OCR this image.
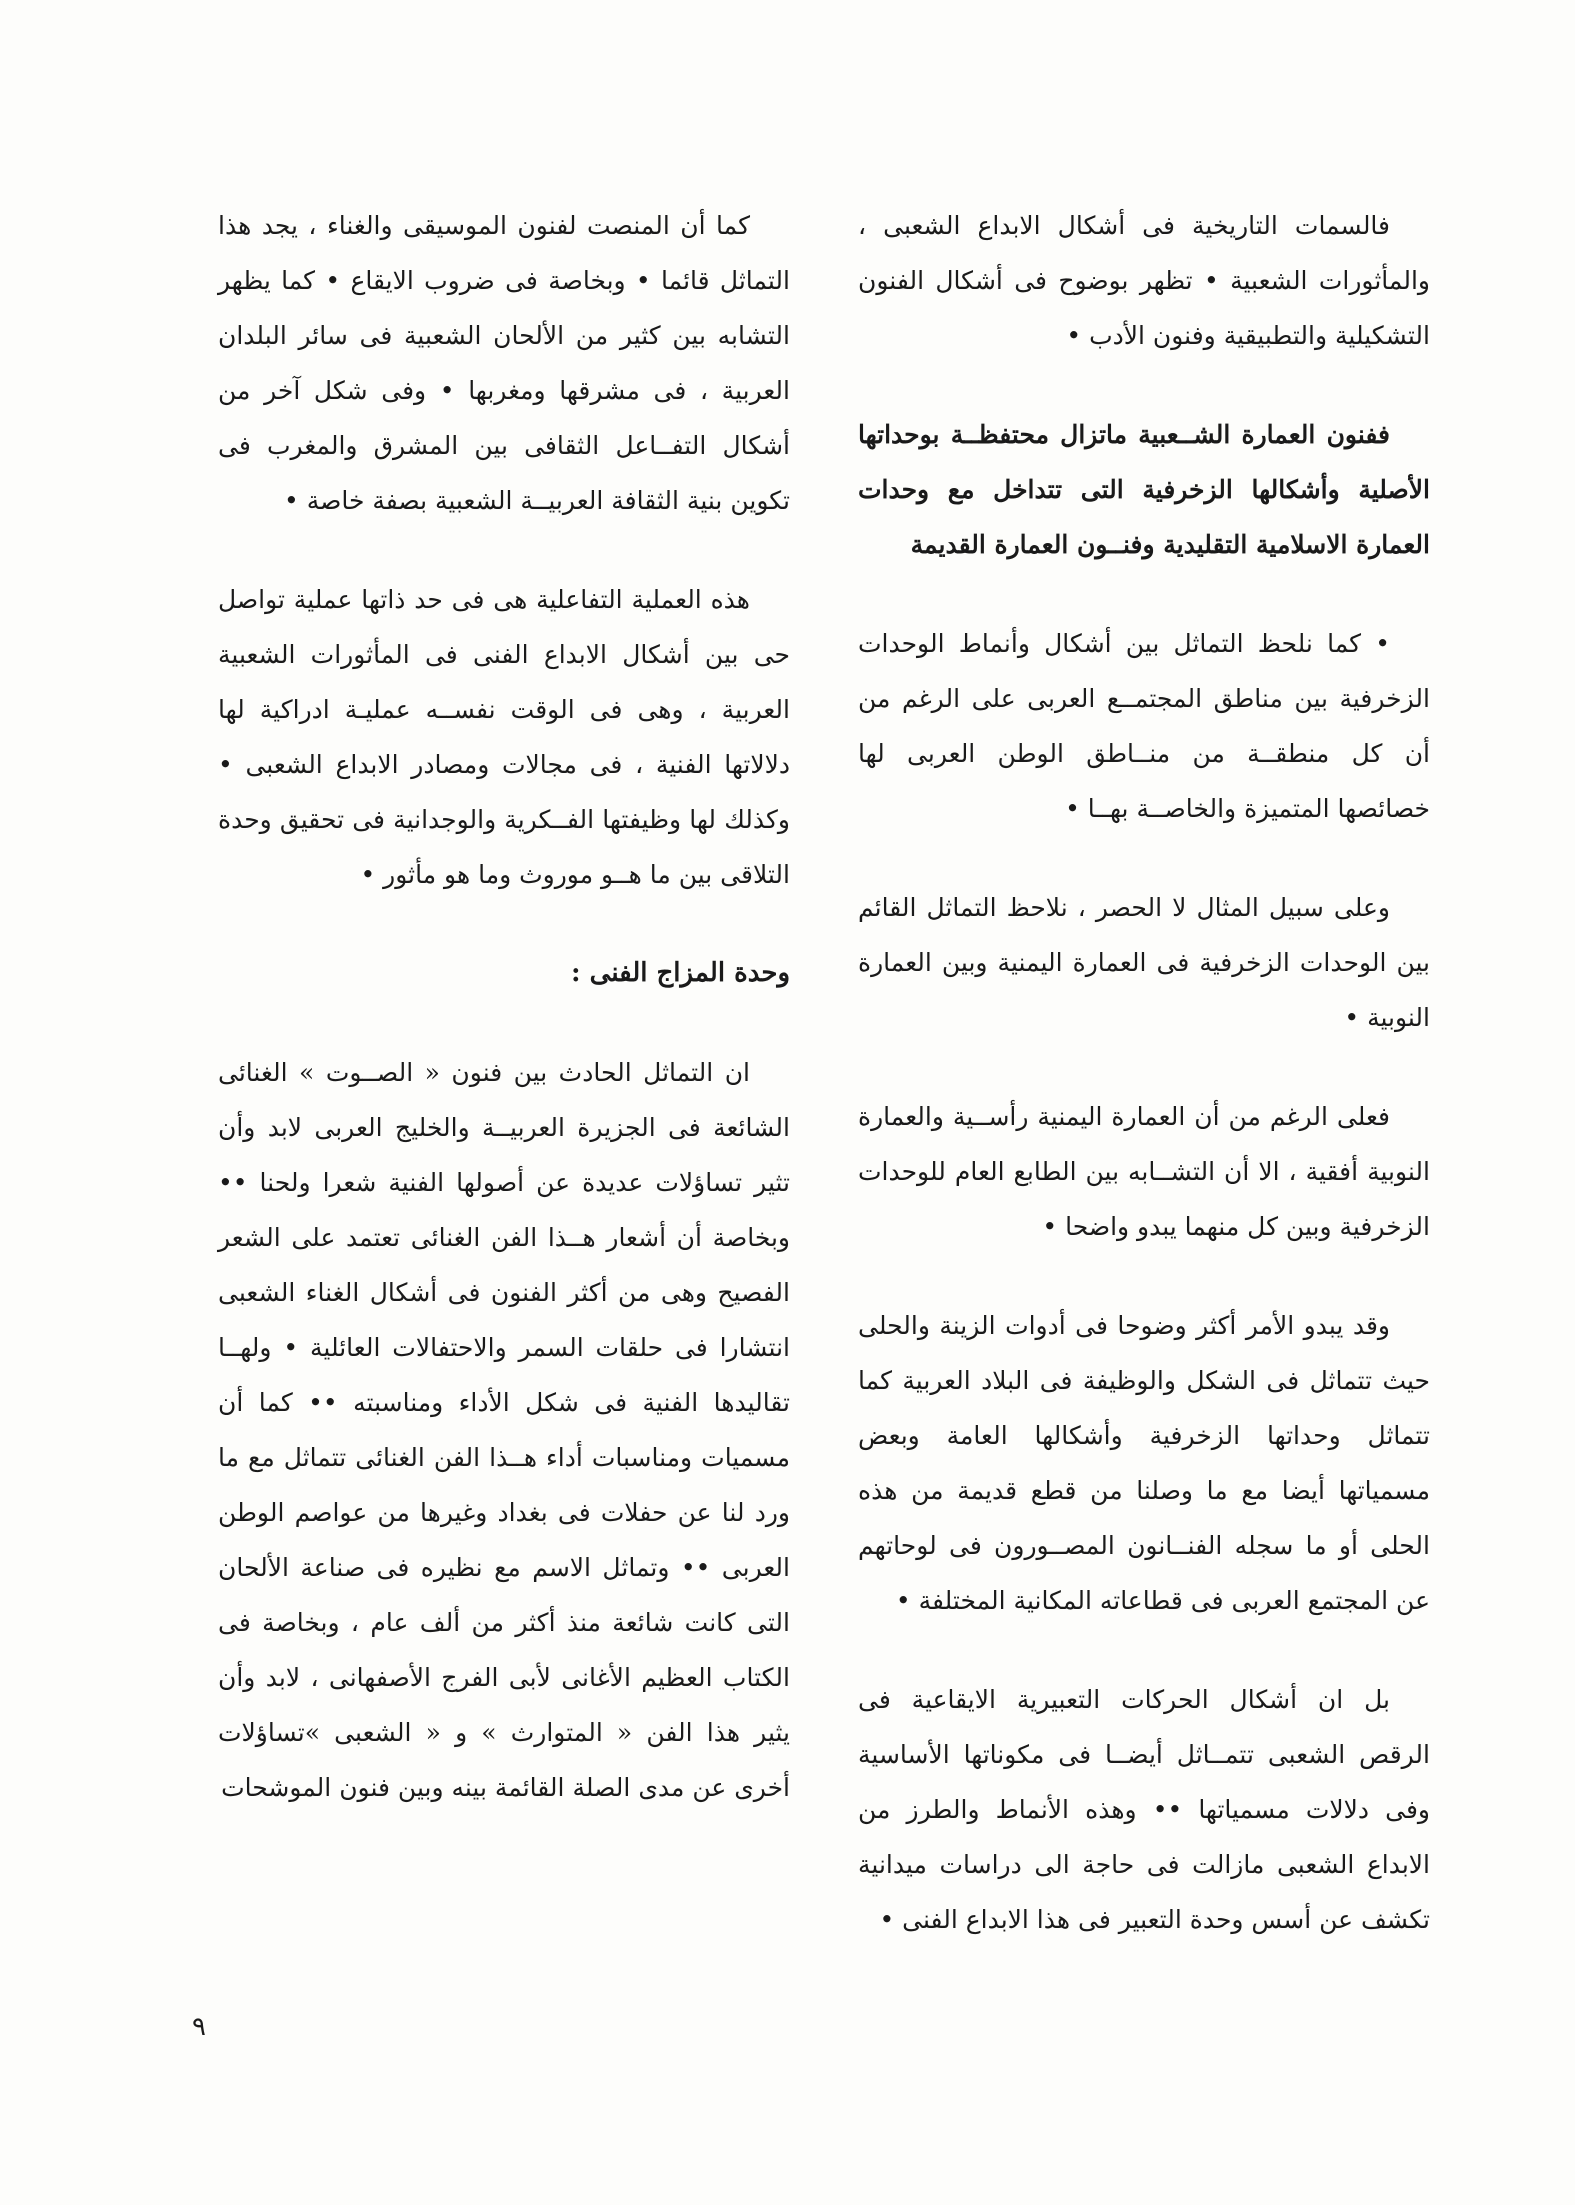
فالسمات التاريخية فى أشكال الابداع الشعبى ، والمأثورات الشعبية • تظهر بوضوح فى أشكال الفنون التشكيلية والتطبيقية وفنون الأدب •

ففنون العمارة الشــعبية ماتزال محتفظــة بوحداتها الأصلية وأشكالها الزخرفية التى تتداخل مع وحدات العمارة الاسلامية التقليدية وفنــون العمارة القديمة

• كما نلحظ التماثل بين أشكال وأنماط الوحدات الزخرفية بين مناطق المجتمــع العربى على الرغم من أن كل منطقــة من منــاطق الوطن العربى لها خصائصها المتميزة والخاصــة بهــا •

وعلى سبيل المثال لا الحصر ، نلاحظ التماثل القائم بين الوحدات الزخرفية فى العمارة اليمنية وبين العمارة النوبية •

فعلى الرغم من أن العمارة اليمنية رأســية والعمارة النوبية أفقية ، الا أن التشــابه بين الطابع العام للوحدات الزخرفية وبين كل منهما يبدو واضحا •

وقد يبدو الأمر أكثر وضوحا فى أدوات الزينة والحلى حيث تتماثل فى الشكل والوظيفة فى البلاد العربية كما تتماثل وحداتها الزخرفية وأشكالها العامة وبعض مسمياتها أيضا مع ما وصلنا من قطع قديمة من هذه الحلى أو ما سجله الفنــانون المصــورون فى لوحاتهم عن المجتمع العربى فى قطاعاته المكانية المختلفة •

بل ان أشكال الحركات التعبيرية الايقاعية فى الرقص الشعبى تتمــاثل أيضــا فى مكوناتها الأساسية وفى دلالات مسمياتها •• وهذه الأنماط والطرز من الابداع الشعبى مازالت فى حاجة الى دراسات ميدانية تكشف عن أسس وحدة التعبير فى هذا الابداع الفنى •

كما أن المنصت لفنون الموسيقى والغناء ، يجد هذا التماثل قائما • وبخاصة فى ضروب الايقاع • كما يظهر التشابه بين كثير من الألحان الشعبية فى سائر البلدان العربية ، فى مشرقها ومغربها • وفى شكل آخر من أشكال التفــاعل الثقافى بين المشرق والمغرب فى تكوين بنية الثقافة العربيــة الشعبية بصفة خاصة •

هذه العملية التفاعلية هى فى حد ذاتها عملية تواصل حى بين أشكال الابداع الفنى فى المأثورات الشعبية العربية ، وهى فى الوقت نفســه عمليـة ادراكية لها دلالاتها الفنية ، فى مجالات ومصادر الابداع الشعبى • وكذلك لها وظيفتها الفــكرية والوجدانية فى تحقيق وحدة التلاقى بين ما هــو موروث وما هو مأثور •

وحدة المزاج الفنى :

ان التماثل الحادث بين فنون « الصــوت » الغنائى الشائعة فى الجزيرة العربيــة والخليج العربى لابد وأن تثير تساؤلات عديدة عن أصولها الفنية شعرا ولحنا •• وبخاصة أن أشعار هــذا الفن الغنائى تعتمد على الشعر الفصيح وهى من أكثر الفنون فى أشكال الغناء الشعبى انتشارا فى حلقات السمر والاحتفالات العائلية • ولهــا تقاليدها الفنية فى شكل الأداء ومناسبته •• كما أن مسميات ومناسبات أداء هــذا الفن الغنائى تتماثل مع ما ورد لنا عن حفلات فى بغداد وغيرها من عواصم الوطن العربى •• وتماثل الاسم مع نظيره فى صناعة الألحان التى كانت شائعة منذ أكثر من ألف عام ، وبخاصة فى الكتاب العظيم الأغانى لأبى الفرج الأصفهانى ، لابد وأن يثير هذا الفن « المتوارث » و « الشعبى »تساؤلات أخرى عن مدى الصلة القائمة بينه وبين فنون الموشحات

٩
